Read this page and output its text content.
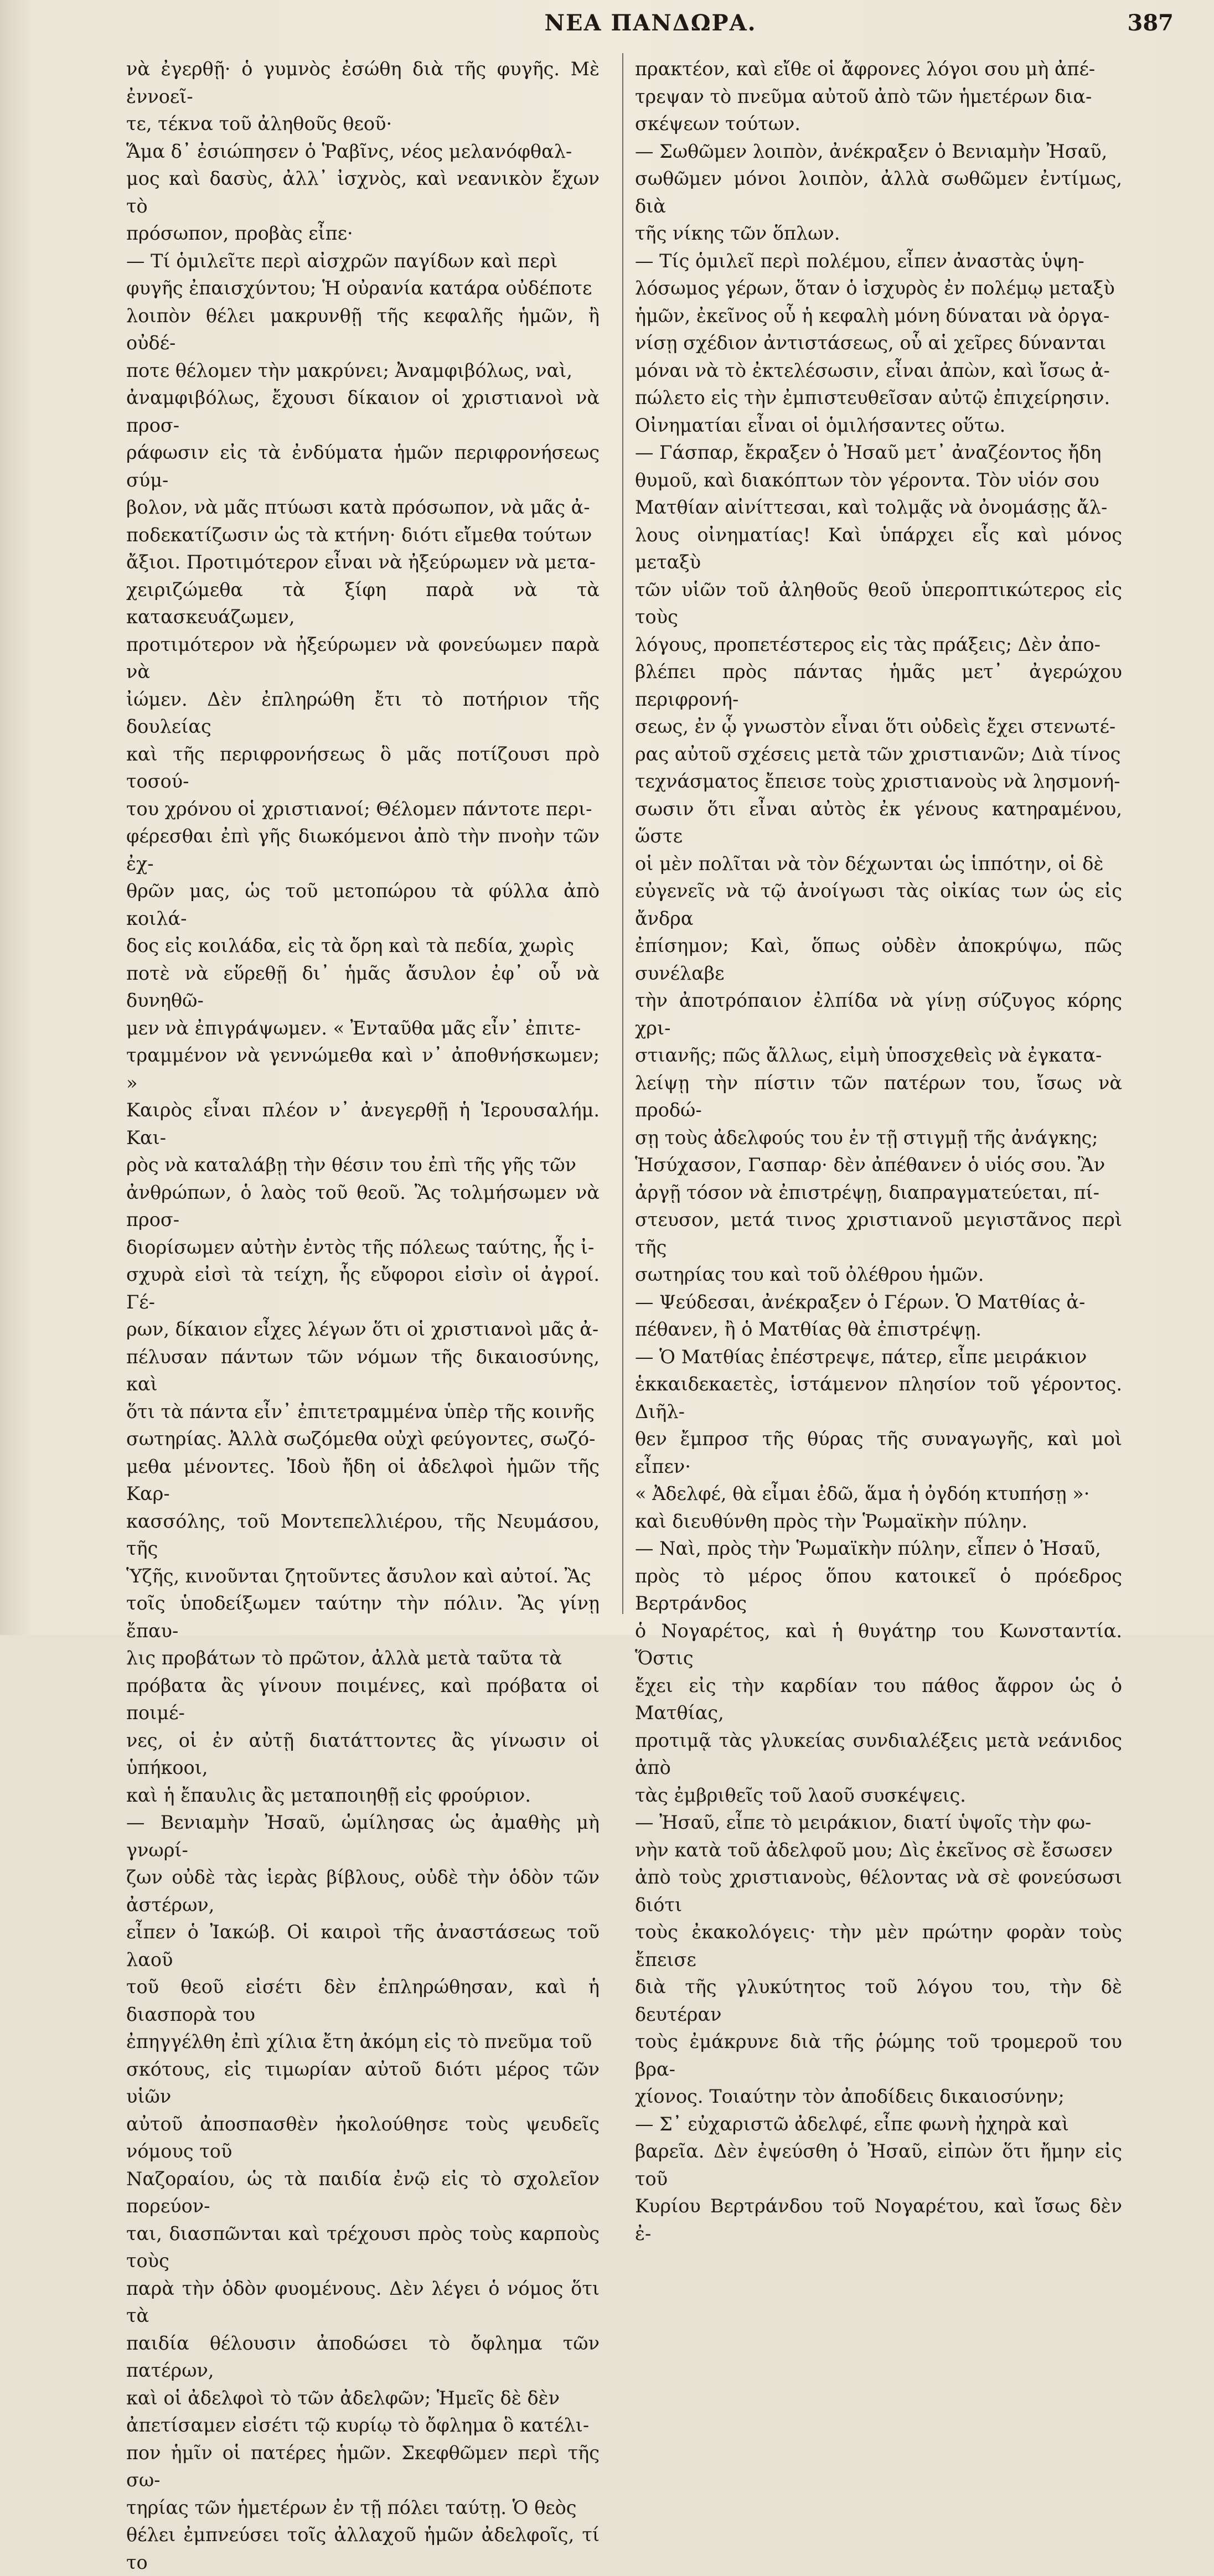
ΝΕΑ ΠΑΝΔΩΡΑ.	387

νὰ ἐγερθῇ· ὁ γυμνὸς ἐσώθη διὰ τῆς φυγῆς. Μὲ ἐννοεῖ-

τε, τέκνα τοῦ ἀληθοῦς θεοῦ·

Ἅμα δ᾽ ἐσιώπησεν ὁ Ῥαβῖνς, νέος μελανόφθαλ-

μος καὶ δασὺς, ἀλλ᾽ ἰσχνὸς, καὶ νεανικὸν ἔχων τὸ

πρόσωπον, προβὰς εἶπε·

— Τί ὁμιλεῖτε περὶ αἰσχρῶν παγίδων καὶ περὶ

φυγῆς ἐπαισχύντου; Ἡ οὐρανία κατάρα οὐδέποτε

λοιπὸν θέλει μακρυνθῇ τῆς κεφαλῆς ἡμῶν, ἢ οὐδέ-

ποτε θέλομεν τὴν μακρύνει; Ἀναμφιβόλως, ναὶ,

ἀναμφιβόλως, ἔχουσι δίκαιον οἱ χριστιανοὶ νὰ προσ-

ράφωσιν εἰς τὰ ἐνδύματα ἡμῶν περιφρονήσεως σύμ-

βολον, νὰ μᾶς πτύωσι κατὰ πρόσωπον, νὰ μᾶς ἀ-

ποδεκατίζωσιν ὡς τὰ κτήνη· διότι εἴμεθα τούτων

ἄξιοι. Προτιμότερον εἶναι νὰ ἠξεύρωμεν νὰ μετα-

χειριζώμεθα τὰ ξίφη παρὰ νὰ τὰ κατασκευάζωμεν,

προτιμότερον νὰ ἠξεύρωμεν νὰ φονεύωμεν παρὰ νὰ

ἰώμεν. Δὲν ἐπληρώθη ἔτι τὸ ποτήριον τῆς δουλείας

καὶ τῆς περιφρονήσεως ὃ μᾶς ποτίζουσι πρὸ τοσού-

του χρόνου οἱ χριστιανοί; Θέλομεν πάντοτε περι-

φέρεσθαι ἐπὶ γῆς διωκόμενοι ἀπὸ τὴν πνοὴν τῶν ἐχ-

θρῶν μας, ὡς τοῦ μετοπώρου τὰ φύλλα ἀπὸ κοιλά-

δος εἰς κοιλάδα, εἰς τὰ ὄρη καὶ τὰ πεδία, χωρὶς

ποτὲ νὰ εὕρεθῇ δι᾽ ἡμᾶς ἄσυλον ἐφ᾽ οὗ νὰ δυνηθῶ-

μεν νὰ ἐπιγράψωμεν. « Ἐνταῦθα μᾶς εἶν᾽ ἐπιτε-

τραμμένον νὰ γεννώμεθα καὶ ν᾽ ἀποθνήσκωμεν; »

Καιρὸς εἶναι πλέον ν᾽ ἀνεγερθῇ ἡ Ἱερουσαλήμ. Και-

ρὸς νὰ καταλάβῃ τὴν θέσιν του ἐπὶ τῆς γῆς τῶν

ἀνθρώπων, ὁ λαὸς τοῦ θεοῦ. Ἂς τολμήσωμεν νὰ προσ-

διορίσωμεν αὐτὴν ἐντὸς τῆς πόλεως ταύτης, ἧς ἰ-

σχυρὰ εἰσὶ τὰ τείχη, ἧς εὔφοροι εἰσὶν οἱ ἀγροί. Γέ-

ρων, δίκαιον εἶχες λέγων ὅτι οἱ χριστιανοὶ μᾶς ἀ-

πέλυσαν πάντων τῶν νόμων τῆς δικαιοσύνης, καὶ

ὅτι τὰ πάντα εἶν᾽ ἐπιτετραμμένα ὑπὲρ τῆς κοινῆς

σωτηρίας. Ἀλλὰ σωζόμεθα οὐχὶ φεύγοντες, σωζό-

μεθα μένοντες. Ἰδοὺ ἤδη οἱ ἀδελφοὶ ἡμῶν τῆς Καρ-

κασσόλης, τοῦ Μοντεπελλιέρου, τῆς Νευμάσου, τῆς

Ὑζῆς, κινοῦνται ζητοῦντες ἄσυλον καὶ αὐτοί. Ἂς

τοῖς ὑποδείξωμεν ταύτην τὴν πόλιν. Ἂς γίνῃ ἔπαυ-

λις προβάτων τὸ πρῶτον, ἀλλὰ μετὰ ταῦτα τὰ

πρόβατα ἂς γίνουν ποιμένες, καὶ πρόβατα οἱ ποιμέ-

νες, οἱ ἐν αὐτῇ διατάττοντες ἂς γίνωσιν οἱ ὑπήκοοι,

καὶ ἡ ἔπαυλις ἂς μεταποιηθῇ εἰς φρούριον.

— Βενιαμὴν Ἠσαῦ, ὡμίλησας ὡς ἀμαθὴς μὴ γνωρί-

ζων οὐδὲ τὰς ἱερὰς βίβλους, οὐδὲ τὴν ὁδὸν τῶν ἀστέρων,

εἶπεν ὁ Ἰακώβ. Οἱ καιροὶ τῆς ἀναστάσεως τοῦ λαοῦ

τοῦ θεοῦ εἰσέτι δὲν ἐπληρώθησαν, καὶ ἡ διασπορὰ του

ἐπηγγέλθη ἐπὶ χίλια ἔτη ἀκόμη εἰς τὸ πνεῦμα τοῦ

σκότους, εἰς τιμωρίαν αὐτοῦ διότι μέρος τῶν υἱῶν

αὐτοῦ ἀποσπασθὲν ἠκολούθησε τοὺς ψευδεῖς νόμους τοῦ

Ναζοραίου, ὡς τὰ παιδία ἐνῷ εἰς τὸ σχολεῖον πορεύον-

ται, διασπῶνται καὶ τρέχουσι πρὸς τοὺς καρποὺς τοὺς

παρὰ τὴν ὁδὸν φυομένους. Δὲν λέγει ὁ νόμος ὅτι τὰ

παιδία θέλουσιν ἀποδώσει τὸ ὄφλημα τῶν πατέρων,

καὶ οἱ ἀδελφοὶ τὸ τῶν ἀδελφῶν; Ἡμεῖς δὲ δὲν

ἀπετίσαμεν εἰσέτι τῷ κυρίῳ τὸ ὄφλημα ὃ κατέλι-

πον ἡμῖν οἱ πατέρες ἡμῶν. Σκεφθῶμεν περὶ τῆς σω-

τηρίας τῶν ἡμετέρων ἐν τῇ πόλει ταύτῃ. Ὁ θεὸς

θέλει ἐμπνεύσει τοῖς ἀλλαχοῦ ἡμῶν ἀδελφοῖς, τί το

πρακτέον, καὶ εἴθε οἱ ἄφρονες λόγοι σου μὴ ἀπέ-

τρεψαν τὸ πνεῦμα αὐτοῦ ἀπὸ τῶν ἡμετέρων δια-

σκέψεων τούτων.

— Σωθῶμεν λοιπὸν, ἀνέκραξεν ὁ Βενιαμὴν Ἠσαῦ,

σωθῶμεν μόνοι λοιπὸν, ἀλλὰ σωθῶμεν ἐντίμως, διὰ

τῆς νίκης τῶν ὅπλων.

— Τίς ὁμιλεῖ περὶ πολέμου, εἶπεν ἀναστὰς ὑψη-

λόσωμος γέρων, ὅταν ὁ ἰσχυρὸς ἐν πολέμῳ μεταξὺ

ἡμῶν, ἐκεῖνος οὗ ἡ κεφαλὴ μόνη δύναται νὰ ὀργα-

νίσῃ σχέδιον ἀντιστάσεως, οὗ αἱ χεῖρες δύνανται

μόναι νὰ τὸ ἐκτελέσωσιν, εἶναι ἀπὼν, καὶ ἴσως ἀ-

πώλετο εἰς τὴν ἐμπιστευθεῖσαν αὐτῷ ἐπιχείρησιν.

Οἰνηματίαι εἶναι οἱ ὁμιλήσαντες οὕτω.

— Γάσπαρ, ἔκραξεν ὁ Ἠσαῦ μετ᾽ ἀναζέοντος ἤδη

θυμοῦ, καὶ διακόπτων τὸν γέροντα. Τὸν υἱόν σου

Ματθίαν αἰνίττεσαι, καὶ τολμᾷς νὰ ὀνομάσῃς ἄλ-

λους οἰνηματίας! Καὶ ὑπάρχει εἷς καὶ μόνος μεταξὺ

τῶν υἱῶν τοῦ ἀληθοῦς θεοῦ ὑπεροπτικώτερος εἰς τοὺς

λόγους, προπετέστερος εἰς τὰς πράξεις; Δὲν ἀπο-

βλέπει πρὸς πάντας ἡμᾶς μετ᾽ ἀγερώχου περιφρονή-

σεως, ἐν ᾧ γνωστὸν εἶναι ὅτι οὐδεὶς ἔχει στενωτέ-

ρας αὐτοῦ σχέσεις μετὰ τῶν χριστιανῶν; Διὰ τίνος

τεχνάσματος ἔπεισε τοὺς χριστιανοὺς νὰ λησμονή-

σωσιν ὅτι εἶναι αὐτὸς ἐκ γένους κατηραμένου, ὥστε

οἱ μὲν πολῖται νὰ τὸν δέχωνται ὡς ἱππότην, οἱ δὲ

εὐγενεῖς νὰ τῷ ἀνοίγωσι τὰς οἰκίας των ὡς εἰς ἄνδρα

ἐπίσημον; Καὶ, ὅπως οὐδὲν ἀποκρύψω, πῶς συνέλαβε

τὴν ἀποτρόπαιον ἐλπίδα νὰ γίνῃ σύζυγος κόρης χρι-

στιανῆς; πῶς ἄλλως, εἰμὴ ὑποσχεθεὶς νὰ ἐγκατα-

λείψῃ τὴν πίστιν τῶν πατέρων του, ἴσως νὰ προδώ-

σῃ τοὺς ἀδελφούς του ἐν τῇ στιγμῇ τῆς ἀνάγκης;

Ἡσύχασον, Γασπαρ· δὲν ἀπέθανεν ὁ υἱός σου. Ἂν

ἀργῇ τόσον νὰ ἐπιστρέψῃ, διαπραγματεύεται, πί-

στευσον, μετά τινος χριστιανοῦ μεγιστᾶνος περὶ τῆς

σωτηρίας του καὶ τοῦ ὀλέθρου ἡμῶν.

— Ψεύδεσαι, ἀνέκραξεν ὁ Γέρων. Ὁ Ματθίας ἀ-

πέθανεν, ἢ ὁ Ματθίας θὰ ἐπιστρέψῃ.

— Ὁ Ματθίας ἐπέστρεψε, πάτερ, εἶπε μειράκιον

ἑκκαιδεκαετὲς, ἱστάμενον πλησίον τοῦ γέροντος. Διῆλ-

θεν ἔμπροσ τῆς θύρας τῆς συναγωγῆς, καὶ μοὶ εἶπεν·

« Ἀδελφέ, θὰ εἶμαι ἐδῶ, ἅμα ἡ ὀγδόη κτυπήσῃ »·

καὶ διευθύνθη πρὸς τὴν Ῥωμαϊκὴν πύλην.

— Ναὶ, πρὸς τὴν Ῥωμαϊκὴν πύλην, εἶπεν ὁ Ἠσαῦ,

πρὸς τὸ μέρος ὅπου κατοικεῖ ὁ πρόεδρος Βερτράνδος

ὁ Νογαρέτος, καὶ ἡ θυγάτηρ του Κωνσταντία. Ὅστις

ἔχει εἰς τὴν καρδίαν του πάθος ἄφρον ὡς ὁ Ματθίας,

προτιμᾷ τὰς γλυκείας συνδιαλέξεις μετὰ νεάνιδος ἀπὸ

τὰς ἐμβριθεῖς τοῦ λαοῦ συσκέψεις.

— Ἠσαῦ, εἶπε τὸ μειράκιον, διατί ὑψοῖς τὴν φω-

νὴν κατὰ τοῦ ἀδελφοῦ μου; Δὶς ἐκεῖνος σὲ ἔσωσεν

ἀπὸ τοὺς χριστιανοὺς, θέλοντας νὰ σὲ φονεύσωσι διότι

τοὺς ἐκακολόγεις· τὴν μὲν πρώτην φορὰν τοὺς ἔπεισε

διὰ τῆς γλυκύτητος τοῦ λόγου του, τὴν δὲ δευτέραν

τοὺς ἐμάκρυνε διὰ τῆς ῥώμης τοῦ τρομεροῦ του βρα-

χίονος. Τοιαύτην τὸν ἀποδίδεις δικαιοσύνην;

— Σ᾽ εὐχαριστῶ ἀδελφέ, εἶπε φωνὴ ἠχηρὰ καὶ

βαρεῖα. Δὲν ἐψεύσθη ὁ Ἠσαῦ, εἰπὼν ὅτι ἤμην εἰς τοῦ

Κυρίου Βερτράνδου τοῦ Νογαρέτου, καὶ ἴσως δὲν ἐ-
